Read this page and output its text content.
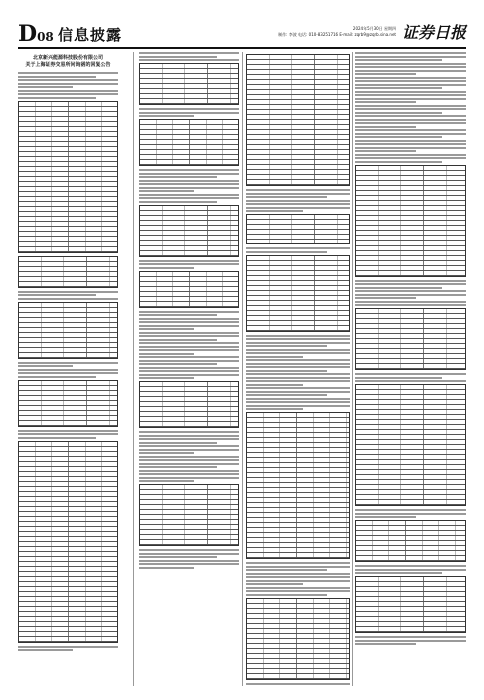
D08 信息披露	2024年5月30日 星期四
制作: 李波 电话: 010-83251716 E-mail: zqrb9@zqrb.sina.net 证券日报
北京新兴能源科技股份有限公司
关于上海证券交易所问询函的回复公告
